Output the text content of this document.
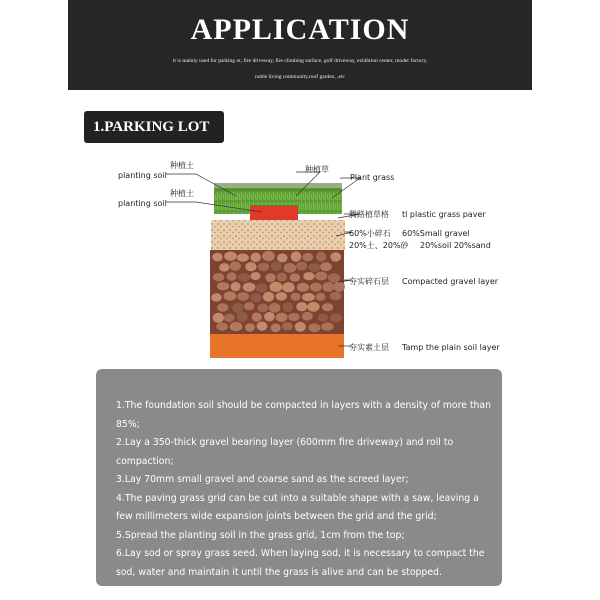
APPLICATION
it is mainly used for parking ot, fire driveway, fire climbing surface, golf driveway, exhibtion center, moder factory,
noble living community,roof garden, ,etc
1.PARKING LOT
种植土
planting soil
种植土
planting soil
种植草
Plant grass
腾路植草格 tl plastic grass paver
60%小碎石 60%Small gravel
20%土、20%砂 20%soil 20%sand
夯实碎石层 Compacted gravel layer
夯实素土层 Tamp the plain soil layer

1.The foundation soil should be compacted in layers with a density of more than 85%;

2.Lay a 350-thick gravel bearing layer (600mm fire driveway) and roll to compaction;

3.Lay 70mm small gravel and coarse sand as the screed layer;

4.The paving grass grid can be cut into a suitable shape with a saw, leaving a few millimeters wide expansion joints between the grid and the grid;

5.Spread the planting soil in the grass grid, 1cm from the top;

6.Lay sod or spray grass seed. When laying sod, it is necessary to compact the sod, water and maintain it until the grass is alive and can be stopped.
